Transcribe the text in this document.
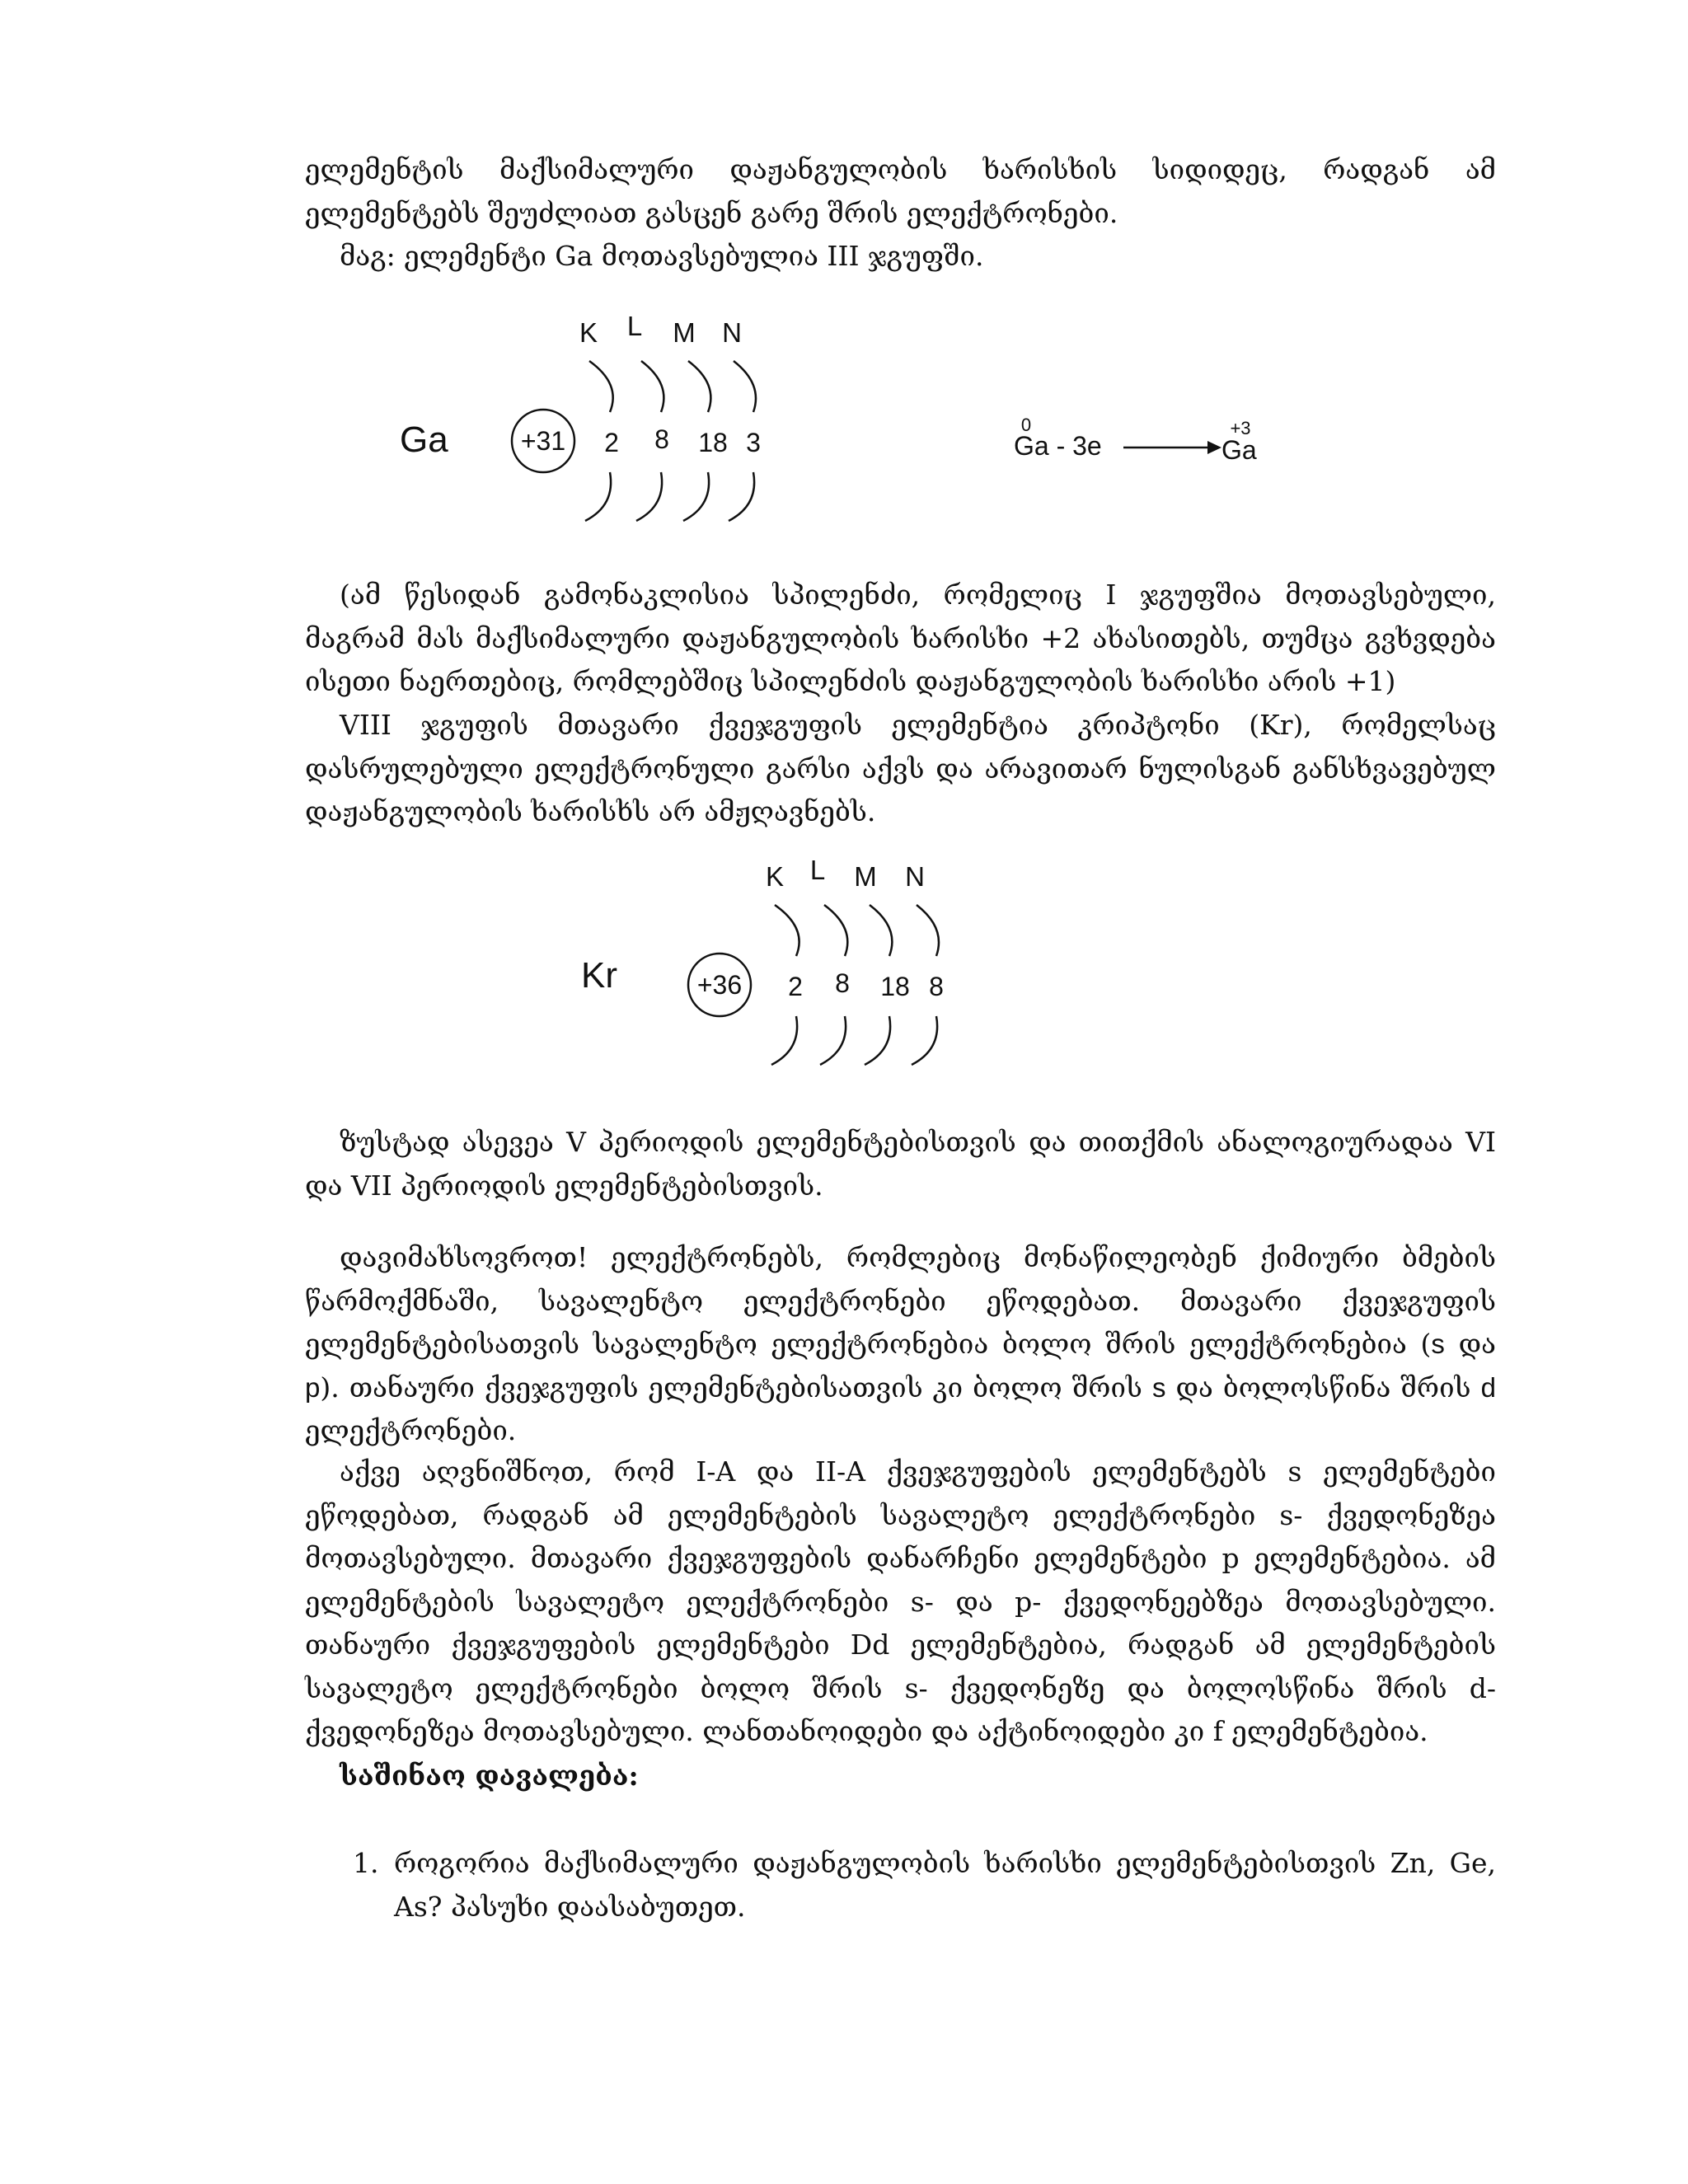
ელემენტის მაქსიმალური დაჟანგულობის ხარისხის სიდიდეც, რადგან ამ ელემენტებს შეუძლიათ გასცენ გარე შრის ელექტრონები.
მაგ: ელემენტი Ga მოთავსებულია III ჯგუფში.
Ga	+31
K L M N
2 8 18 3
0
Ga - 3e
+3
Ga
(ამ წესიდან გამონაკლისია სპილენძი, რომელიც I ჯგუფშია მოთავსებული, მაგრამ მას მაქსიმალური დაჟანგულობის ხარისხი +2 ახასითებს, თუმცა გვხვდება ისეთი ნაერთებიც, რომლებშიც სპილენძის დაჟანგულობის ხარისხი არის +1)
VIII ჯგუფის მთავარი ქვეჯგუფის ელემენტია კრიპტონი (Kr), რომელსაც დასრულებული ელექტრონული გარსი აქვს და არავითარ ნულისგან განსხვავებულ დაჟანგულობის ხარისხს არ ამჟღავნებს.
Kr	+36
K L M N
2 8 18 8
ზუსტად ასევეა V პერიოდის ელემენტებისთვის და თითქმის ანალოგიურადაა VI და VII პერიოდის ელემენტებისთვის.
დავიმახსოვროთ! ელექტრონებს, რომლებიც მონაწილეობენ ქიმიური ბმების წარმოქმნაში, სავალენტო ელექტრონები ეწოდებათ. მთავარი ქვეჯგუფის ელემენტებისათვის სავალენტო ელექტრონებია ბოლო შრის ელექტრონებია (s და p). თანაური ქვეჯგუფის ელემენტებისათვის კი ბოლო შრის s და ბოლოსწინა შრის d ელექტრონები.
აქვე აღვნიშნოთ, რომ I-A და II-A ქვეჯგუფების ელემენტებს s ელემენტები ეწოდებათ, რადგან ამ ელემენტების სავალეტო ელექტრონები s- ქვედონეზეა მოთავსებული. მთავარი ქვეჯგუფების დანარჩენი ელემენტები p ელემენტებია. ამ ელემენტების სავალეტო ელექტრონები s- და p- ქვედონეებზეა მოთავსებული. თანაური ქვეჯგუფების ელემენტები Dd ელემენტებია, რადგან ამ ელემენტების სავალეტო ელექტრონები ბოლო შრის s- ქვედონეზე და ბოლოსწინა შრის d-ქვედონეზეა მოთავსებული. ლანთანოიდები და აქტინოიდები კი f ელემენტებია.
საშინაო დავალება:
1. როგორია მაქსიმალური დაჟანგულობის ხარისხი ელემენტებისთვის Zn, Ge, As? პასუხი დაასაბუთეთ.
